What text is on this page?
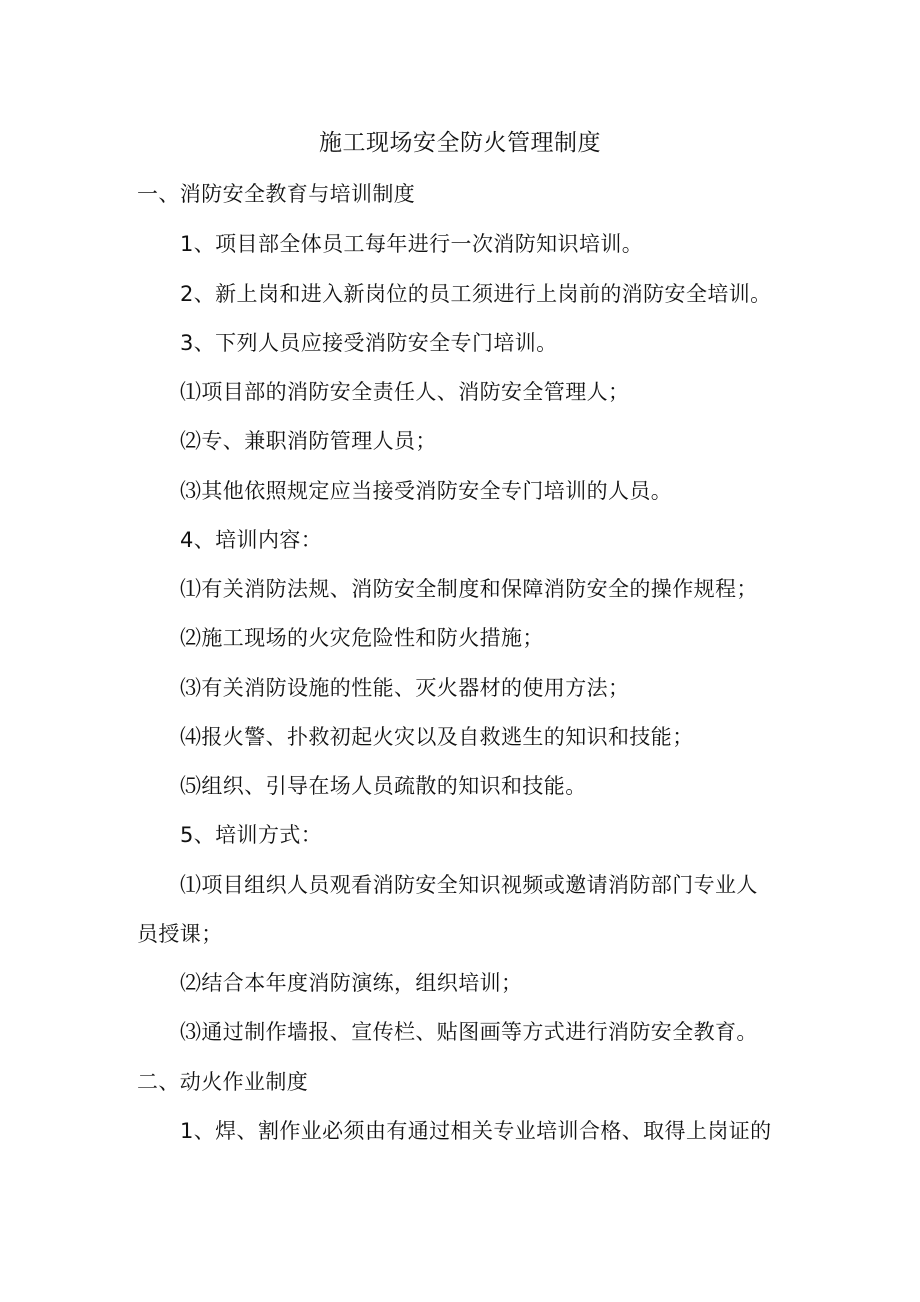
施工现场安全防火管理制度
一、消防安全教育与培训制度
1、项目部全体员工每年进行一次消防知识培训。
2、新上岗和进入新岗位的员工须进行上岗前的消防安全培训。
3、下列人员应接受消防安全专门培训。
⑴项目部的消防安全责任人、消防安全管理人；
⑵专、兼职消防管理人员；
⑶其他依照规定应当接受消防安全专门培训的人员。
4、培训内容：
⑴有关消防法规、消防安全制度和保障消防安全的操作规程；
⑵施工现场的火灾危险性和防火措施；
⑶有关消防设施的性能、灭火器材的使用方法；
⑷报火警、扑救初起火灾以及自救逃生的知识和技能；
⑸组织、引导在场人员疏散的知识和技能。
5、培训方式：
⑴项目组织人员观看消防安全知识视频或邀请消防部门专业人
员授课；
⑵结合本年度消防演练，组织培训；
⑶通过制作墙报、宣传栏、贴图画等方式进行消防安全教育。
二、动火作业制度
1、焊、割作业必须由有通过相关专业培训合格、取得上岗证的
